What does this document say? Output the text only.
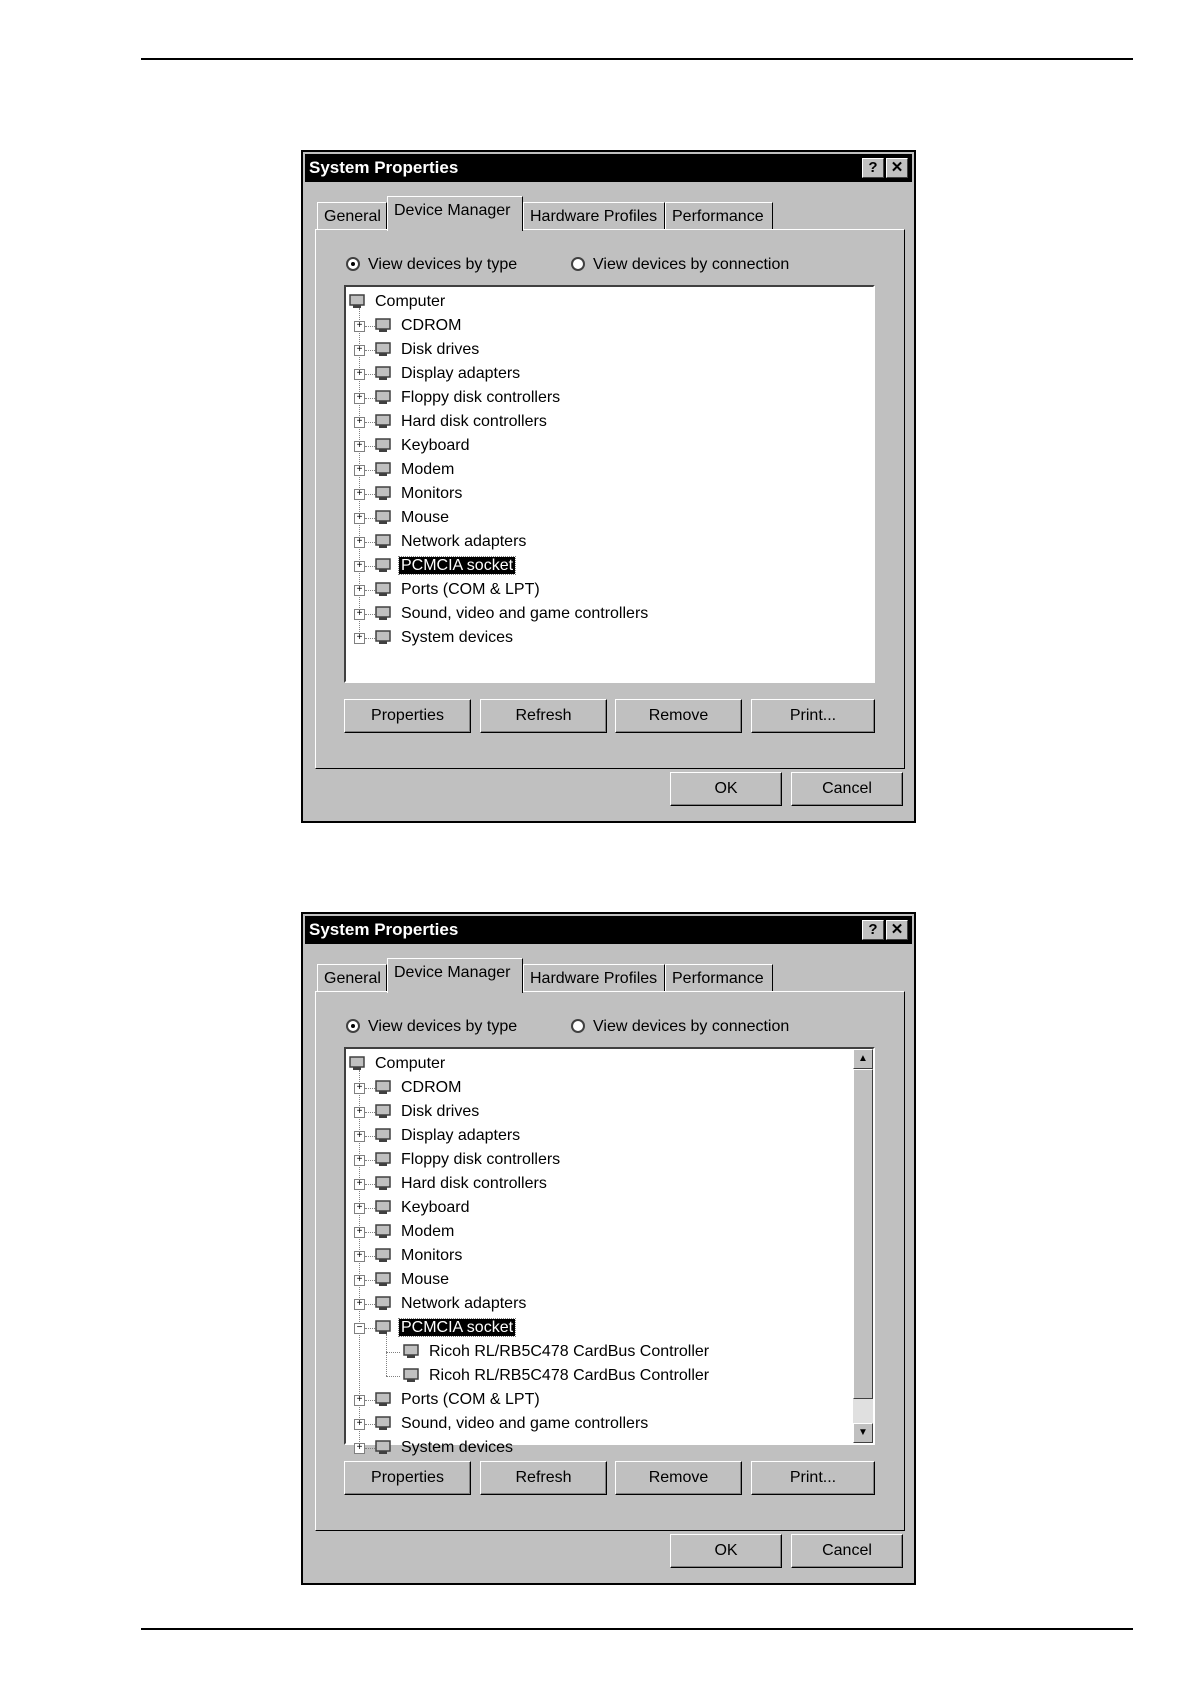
System Properties	? ✕
General Device Manager	Hardware Profiles Performance
View devices by type	View devices by connection
Computer
CDROM
+
Disk drives
+
Display adapters
+
Floppy disk controllers
+
Hard disk controllers
+
Keyboard
+
Modem
+
Monitors
+
Mouse
+
Network adapters
+
PCMCIA socket
+
Ports (COM & LPT)
+
Sound, video and game controllers
+
System devices
+
Properties	Refresh	Remove	Print...
OK	Cancel
System Properties	? ✕
General Device Manager	Hardware Profiles Performance
View devices by type	View devices by connection
▲
▼
Computer
CDROM
+
Disk drives
+
Display adapters
+
Floppy disk controllers
+
Hard disk controllers
+
Keyboard
+
Modem
+
Monitors
+
Mouse
+
Network adapters
+
PCMCIA socket
−
Ricoh RL/RB5C478 CardBus Controller
Ricoh RL/RB5C478 CardBus Controller
Ports (COM & LPT)
+
Sound, video and game controllers
+
System devices
+
Properties	Refresh	Remove	Print...
OK	Cancel
